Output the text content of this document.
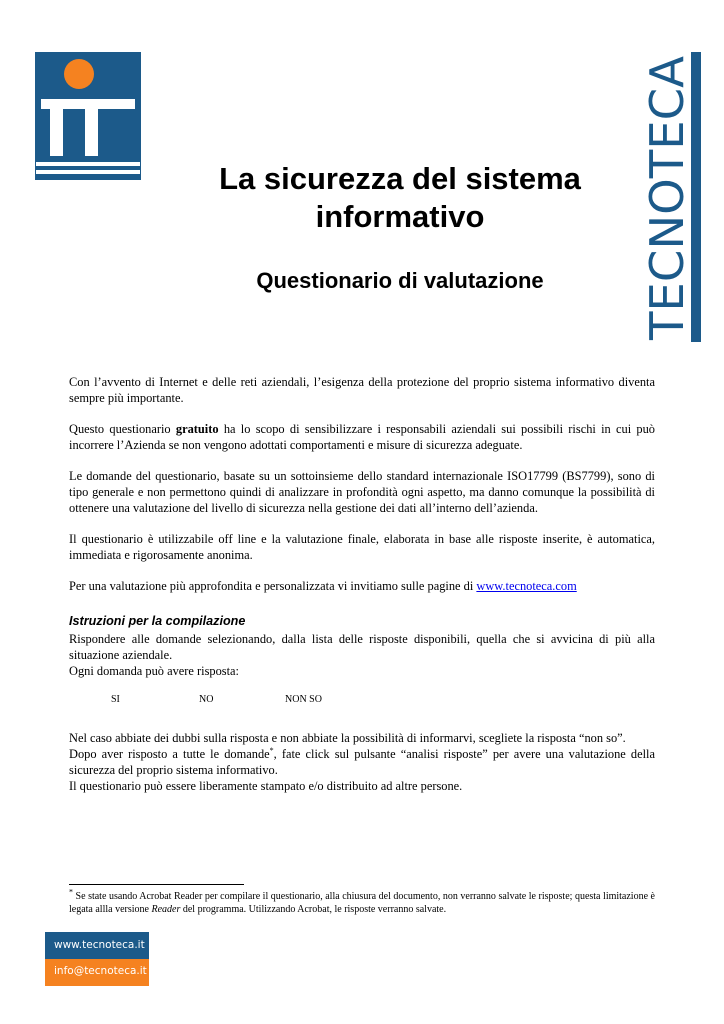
TECNOTECA
La sicurezza del sistema informativo
Questionario di valutazione

Con l’avvento di Internet e delle reti aziendali, l’esigenza della protezione del proprio sistema informativo diventa sempre più importante.

Questo questionario gratuito ha lo scopo di sensibilizzare i responsabili aziendali sui possibili rischi in cui può incorrere l’Azienda se non vengono adottati comportamenti e misure di sicurezza adeguate.

Le domande del questionario, basate su un sottoinsieme dello standard internazionale ISO17799 (BS7799), sono di tipo generale e non permettono quindi di analizzare in profondità ogni aspetto, ma danno comunque la possibilità di ottenere una valutazione del livello di sicurezza nella gestione dei dati all’interno dell’azienda.

Il questionario è utilizzabile off line e la valutazione finale, elaborata in base alle risposte inserite, è automatica, immediata e rigorosamente anonima.

Per una valutazione più approfondita e personalizzata vi invitiamo sulle pagine di www.tecnoteca.com

Istruzioni per la compilazione

Rispondere alle domande selezionando, dalla lista delle risposte disponibili, quella che si avvicina di più alla situazione aziendale.

Ogni domanda può avere risposta:

SI	NO	NON SO

Nel caso abbiate dei dubbi sulla risposta e non abbiate la possibilità di informarvi, scegliete la risposta “non so”.

Dopo aver risposto a tutte le domande*, fate click sul pulsante “analisi risposte” per avere una valutazione della sicurezza del proprio sistema informativo.

Il questionario può essere liberamente stampato e/o distribuito ad altre persone.

* Se state usando Acrobat Reader per compilare il questionario, alla chiusura del documento, non verranno salvate le risposte; questa limitazione è legata allla versione Reader del programma. Utilizzando Acrobat, le risposte verranno salvate.
www.tecnoteca.it
info@tecnoteca.it
